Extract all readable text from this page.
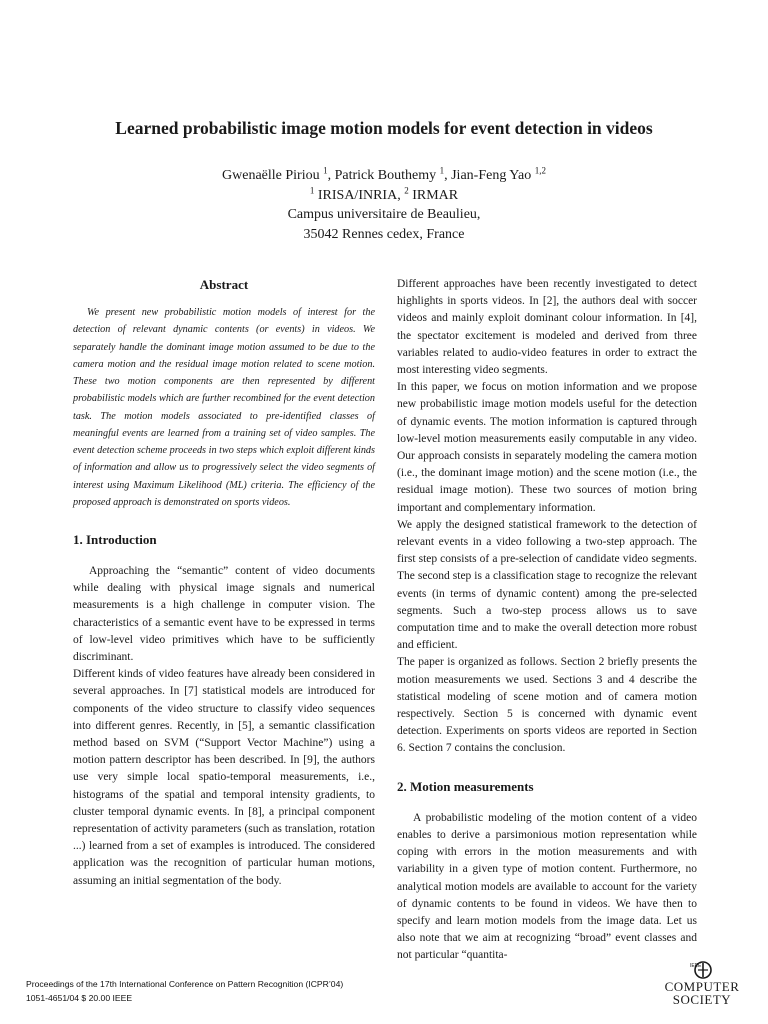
Learned probabilistic image motion models for event detection in videos
Gwenaëlle Piriou $^1$, Patrick Bouthemy $^1$, Jian-Feng Yao $^{1,2}$
$^1$ IRISA/INRIA, $^2$ IRMAR
Campus universitaire de Beaulieu,
35042 Rennes cedex, France
Abstract

We present new probabilistic motion models of interest for the detection of relevant dynamic contents (or events) in videos. We separately handle the dominant image motion assumed to be due to the camera motion and the residual image motion related to scene motion. These two motion components are then represented by different probabilistic models which are further recombined for the event detection task. The motion models associated to pre-identified classes of meaningful events are learned from a training set of video samples. The event detection scheme proceeds in two steps which exploit different kinds of information and allow us to progressively select the video segments of interest using Maximum Likelihood (ML) criteria. The efficiency of the proposed approach is demonstrated on sports videos.

1. Introduction

Approaching the “semantic” content of video documents while dealing with physical image signals and numerical measurements is a high challenge in computer vision. The characteristics of a semantic event have to be expressed in terms of low-level video primitives which have to be sufficiently discriminant.

Different kinds of video features have already been considered in several approaches. In [7] statistical models are introduced for components of the video structure to classify video sequences into different genres. Recently, in [5], a semantic classification method based on SVM (“Support Vector Machine”) using a motion pattern descriptor has been described. In [9], the authors use very simple local spatio-temporal measurements, i.e., histograms of the spatial and temporal intensity gradients, to cluster temporal dynamic events. In [8], a principal component representation of activity parameters (such as translation, rotation ...) learned from a set of examples is introduced. The considered application was the recognition of particular human motions, assuming an initial segmentation of the body.

Different approaches have been recently investigated to detect highlights in sports videos. In [2], the authors deal with soccer videos and mainly exploit dominant colour information. In [4], the spectator excitement is modeled and derived from three variables related to audio-video features in order to extract the most interesting video segments.

In this paper, we focus on motion information and we propose new probabilistic image motion models useful for the detection of dynamic events. The motion information is captured through low-level motion measurements easily computable in any video. Our approach consists in separately modeling the camera motion (i.e., the dominant image motion) and the scene motion (i.e., the residual image motion). These two sources of motion bring important and complementary information.

We apply the designed statistical framework to the detection of relevant events in a video following a two-step approach. The first step consists of a pre-selection of candidate video segments. The second step is a classification stage to recognize the relevant events (in terms of dynamic content) among the pre-selected segments. Such a two-step process allows us to save computation time and to make the overall detection more robust and efficient.

The paper is organized as follows. Section 2 briefly presents the motion measurements we used. Sections 3 and 4 describe the statistical modeling of scene motion and of camera motion respectively. Section 5 is concerned with dynamic event detection. Experiments on sports videos are reported in Section 6. Section 7 contains the conclusion.

2. Motion measurements

A probabilistic modeling of the motion content of a video enables to derive a parsimonious motion representation while coping with errors in the motion measurements and with variability in a given type of motion content. Furthermore, no analytical motion models are available to account for the variety of dynamic contents to be found in videos. We have then to specify and learn motion models from the image data. Let us also note that we aim at recognizing “broad” event classes and not particular “quantita-

Proceedings of the 17th International Conference on Pattern Recognition (ICPR’04)
1051-4651/04 $ 20.00 IEEE
IEEE
COMPUTER
SOCIETY
